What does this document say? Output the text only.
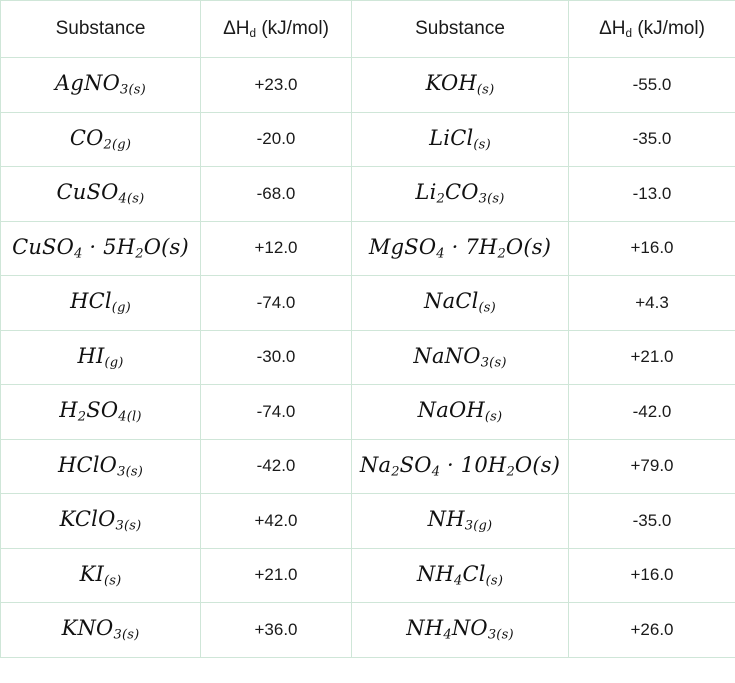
Substance	ΔHd (kJ/mol)	Substance	ΔHd (kJ/mol)
AgNO$_{3(s)}$	+23.0	$KOH_{(s)}$	-55.0
$CO_{2(g)}$	-20.0	LiCl$_{(s)}$	-35.0
CuSO$_{4(s)}$	-68.0	$Li_2CO_{3(s)}$	-13.0
CuSO$_4$ · $5H_2O(s)$	+12.0	MgSO$_4$ · $7H_2O(s)$	+16.0
HCl$_{(g)}$	-74.0	NaCl$_{(s)}$	+4.3
$HI_{(g)}$	-30.0	NaNO$_{3(s)}$	+21.0
$H_2SO_{4(l)}$	-74.0	NaOH$_{(s)}$	-42.0
HClO$_{3(s)}$	-42.0	$Na_2SO_4 \cdot 10H_2O(s)$	+79.0
KClO$_{3(s)}$	+42.0	$NH_{3(g)}$	-35.0
$KI_{(s)}$	+21.0	$NH_4Cl_{(s)}$	+16.0
$KNO_{3(s)}$	+36.0	$NH_4NO_{3(s)}$	+26.0
